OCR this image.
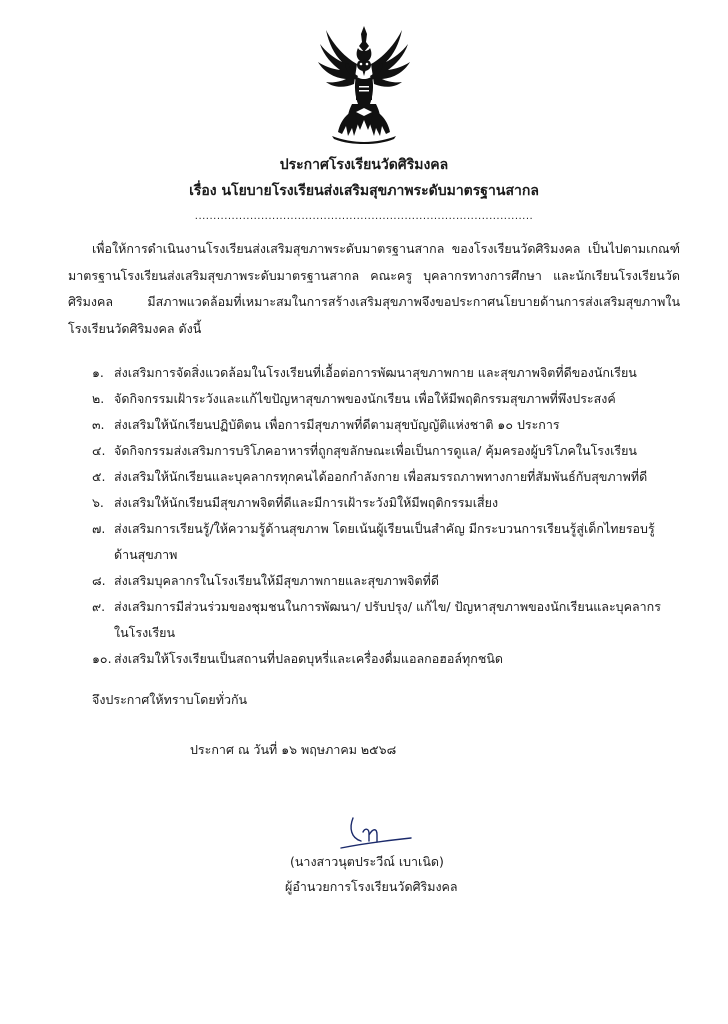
ประกาศโรงเรียนวัดศิริมงคล
เรื่อง นโยบายโรงเรียนส่งเสริมสุขภาพระดับมาตรฐานสากล
............................................................................................
เพื่อให้การดำเนินงานโรงเรียนส่งเสริมสุขภาพระดับมาตรฐานสากล ของโรงเรียนวัดศิริมงคล เป็นไปตามเกณฑ์มาตรฐานโรงเรียนส่งเสริมสุขภาพระดับมาตรฐานสากล คณะครู บุคลากรทางการศึกษา และนักเรียนโรงเรียนวัดศิริมงคล มีสภาพแวดล้อมที่เหมาะสมในการสร้างเสริมสุขภาพจึงขอประกาศนโยบายด้านการส่งเสริมสุขภาพในโรงเรียนวัดศิริมงคล ดังนี้
๑. ส่งเสริมการจัดสิ่งแวดล้อมในโรงเรียนที่เอื้อต่อการพัฒนาสุขภาพกาย และสุขภาพจิตที่ดีของนักเรียน
๒. จัดกิจกรรมเฝ้าระวังและแก้ไขปัญหาสุขภาพของนักเรียน เพื่อให้มีพฤติกรรมสุขภาพที่พึงประสงค์
๓. ส่งเสริมให้นักเรียนปฏิบัติตน เพื่อการมีสุขภาพที่ดีตามสุขบัญญัติแห่งชาติ ๑๐ ประการ
๔. จัดกิจกรรมส่งเสริมการบริโภคอาหารที่ถูกสุขลักษณะเพื่อเป็นการดูแล/ คุ้มครองผู้บริโภคในโรงเรียน
๕. ส่งเสริมให้นักเรียนและบุคลากรทุกคนได้ออกกำลังกาย เพื่อสมรรถภาพทางกายที่สัมพันธ์กับสุขภาพที่ดี
๖. ส่งเสริมให้นักเรียนมีสุขภาพจิตที่ดีและมีการเฝ้าระวังมิให้มีพฤติกรรมเสี่ยง
๗. ส่งเสริมการเรียนรู้/ให้ความรู้ด้านสุขภาพ โดยเน้นผู้เรียนเป็นสำคัญ มีกระบวนการเรียนรู้สู่เด็กไทยรอบรู้ด้านสุขภาพ
๘. ส่งเสริมบุคลากรในโรงเรียนให้มีสุขภาพกายและสุขภาพจิตที่ดี
๙. ส่งเสริมการมีส่วนร่วมของชุมชนในการพัฒนา/ ปรับปรุง/ แก้ไข/ ปัญหาสุขภาพของนักเรียนและบุคลากรในโรงเรียน
๑๐. ส่งเสริมให้โรงเรียนเป็นสถานที่ปลอดบุหรี่และเครื่องดื่มแอลกอฮอล์ทุกชนิด
จึงประกาศให้ทราบโดยทั่วกัน
ประกาศ ณ วันที่ ๑๖ พฤษภาคม ๒๕๖๘
(นางสาวนุตประวีณ์ เบาเนิด)
ผู้อำนวยการโรงเรียนวัดศิริมงคล
